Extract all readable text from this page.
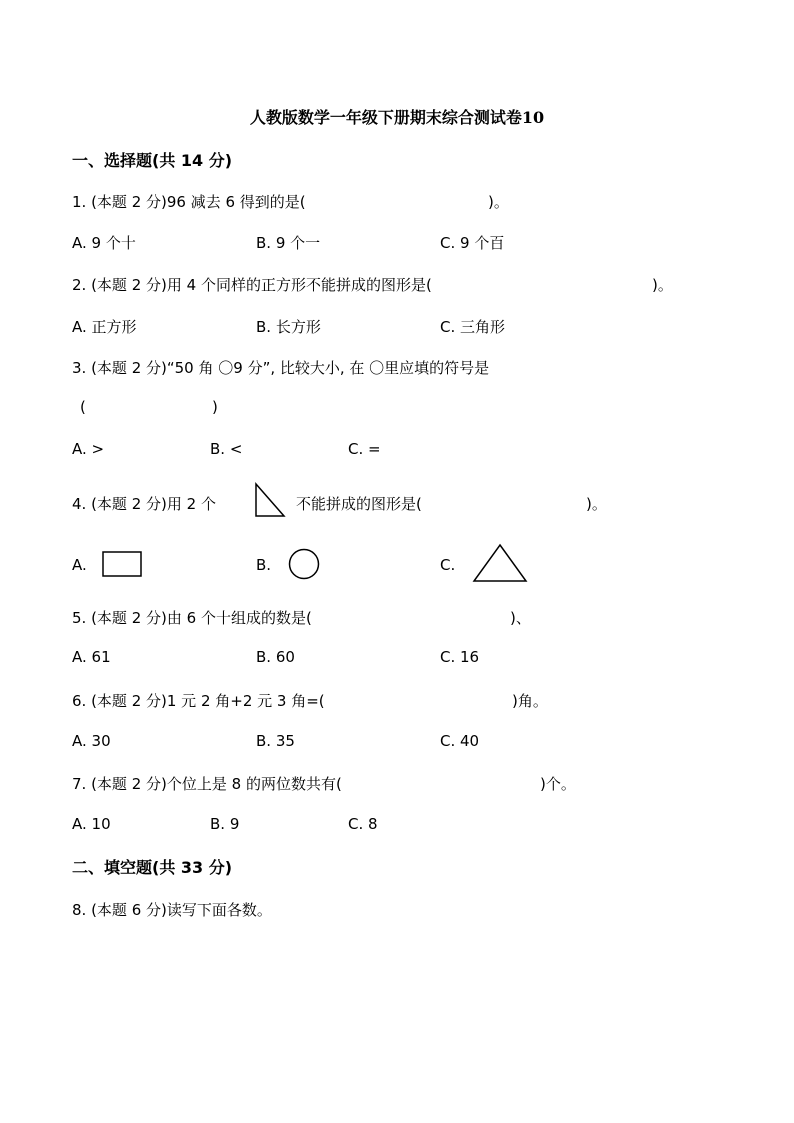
人教版数学一年级下册期末综合测试卷10
一、选择题(共 14 分)
1. (本题 2 分)96 减去 6 得到的是(	)。
A. 9 个十	B. 9 个一	C. 9 个百
2. (本题 2 分)用 4 个同样的正方形不能拼成的图形是(	)。
A. 正方形	B. 长方形	C. 三角形
3. (本题 2 分)“50 角 〇9 分”, 比较大小, 在 〇里应填的符号是
(	)
A. >	B. <	C. =
4. (本题 2 分)用 2 个	不能拼成的图形是(	)。
A.	B.	C.
5. (本题 2 分)由 6 个十组成的数是(	)、
A. 61	B. 60	C. 16
6. (本题 2 分)1 元 2 角+2 元 3 角=(	)角。
A. 30	B. 35	C. 40
7. (本题 2 分)个位上是 8 的两位数共有(	)个。
A. 10	B. 9	C. 8
二、填空题(共 33 分)
8. (本题 6 分)读写下面各数。
